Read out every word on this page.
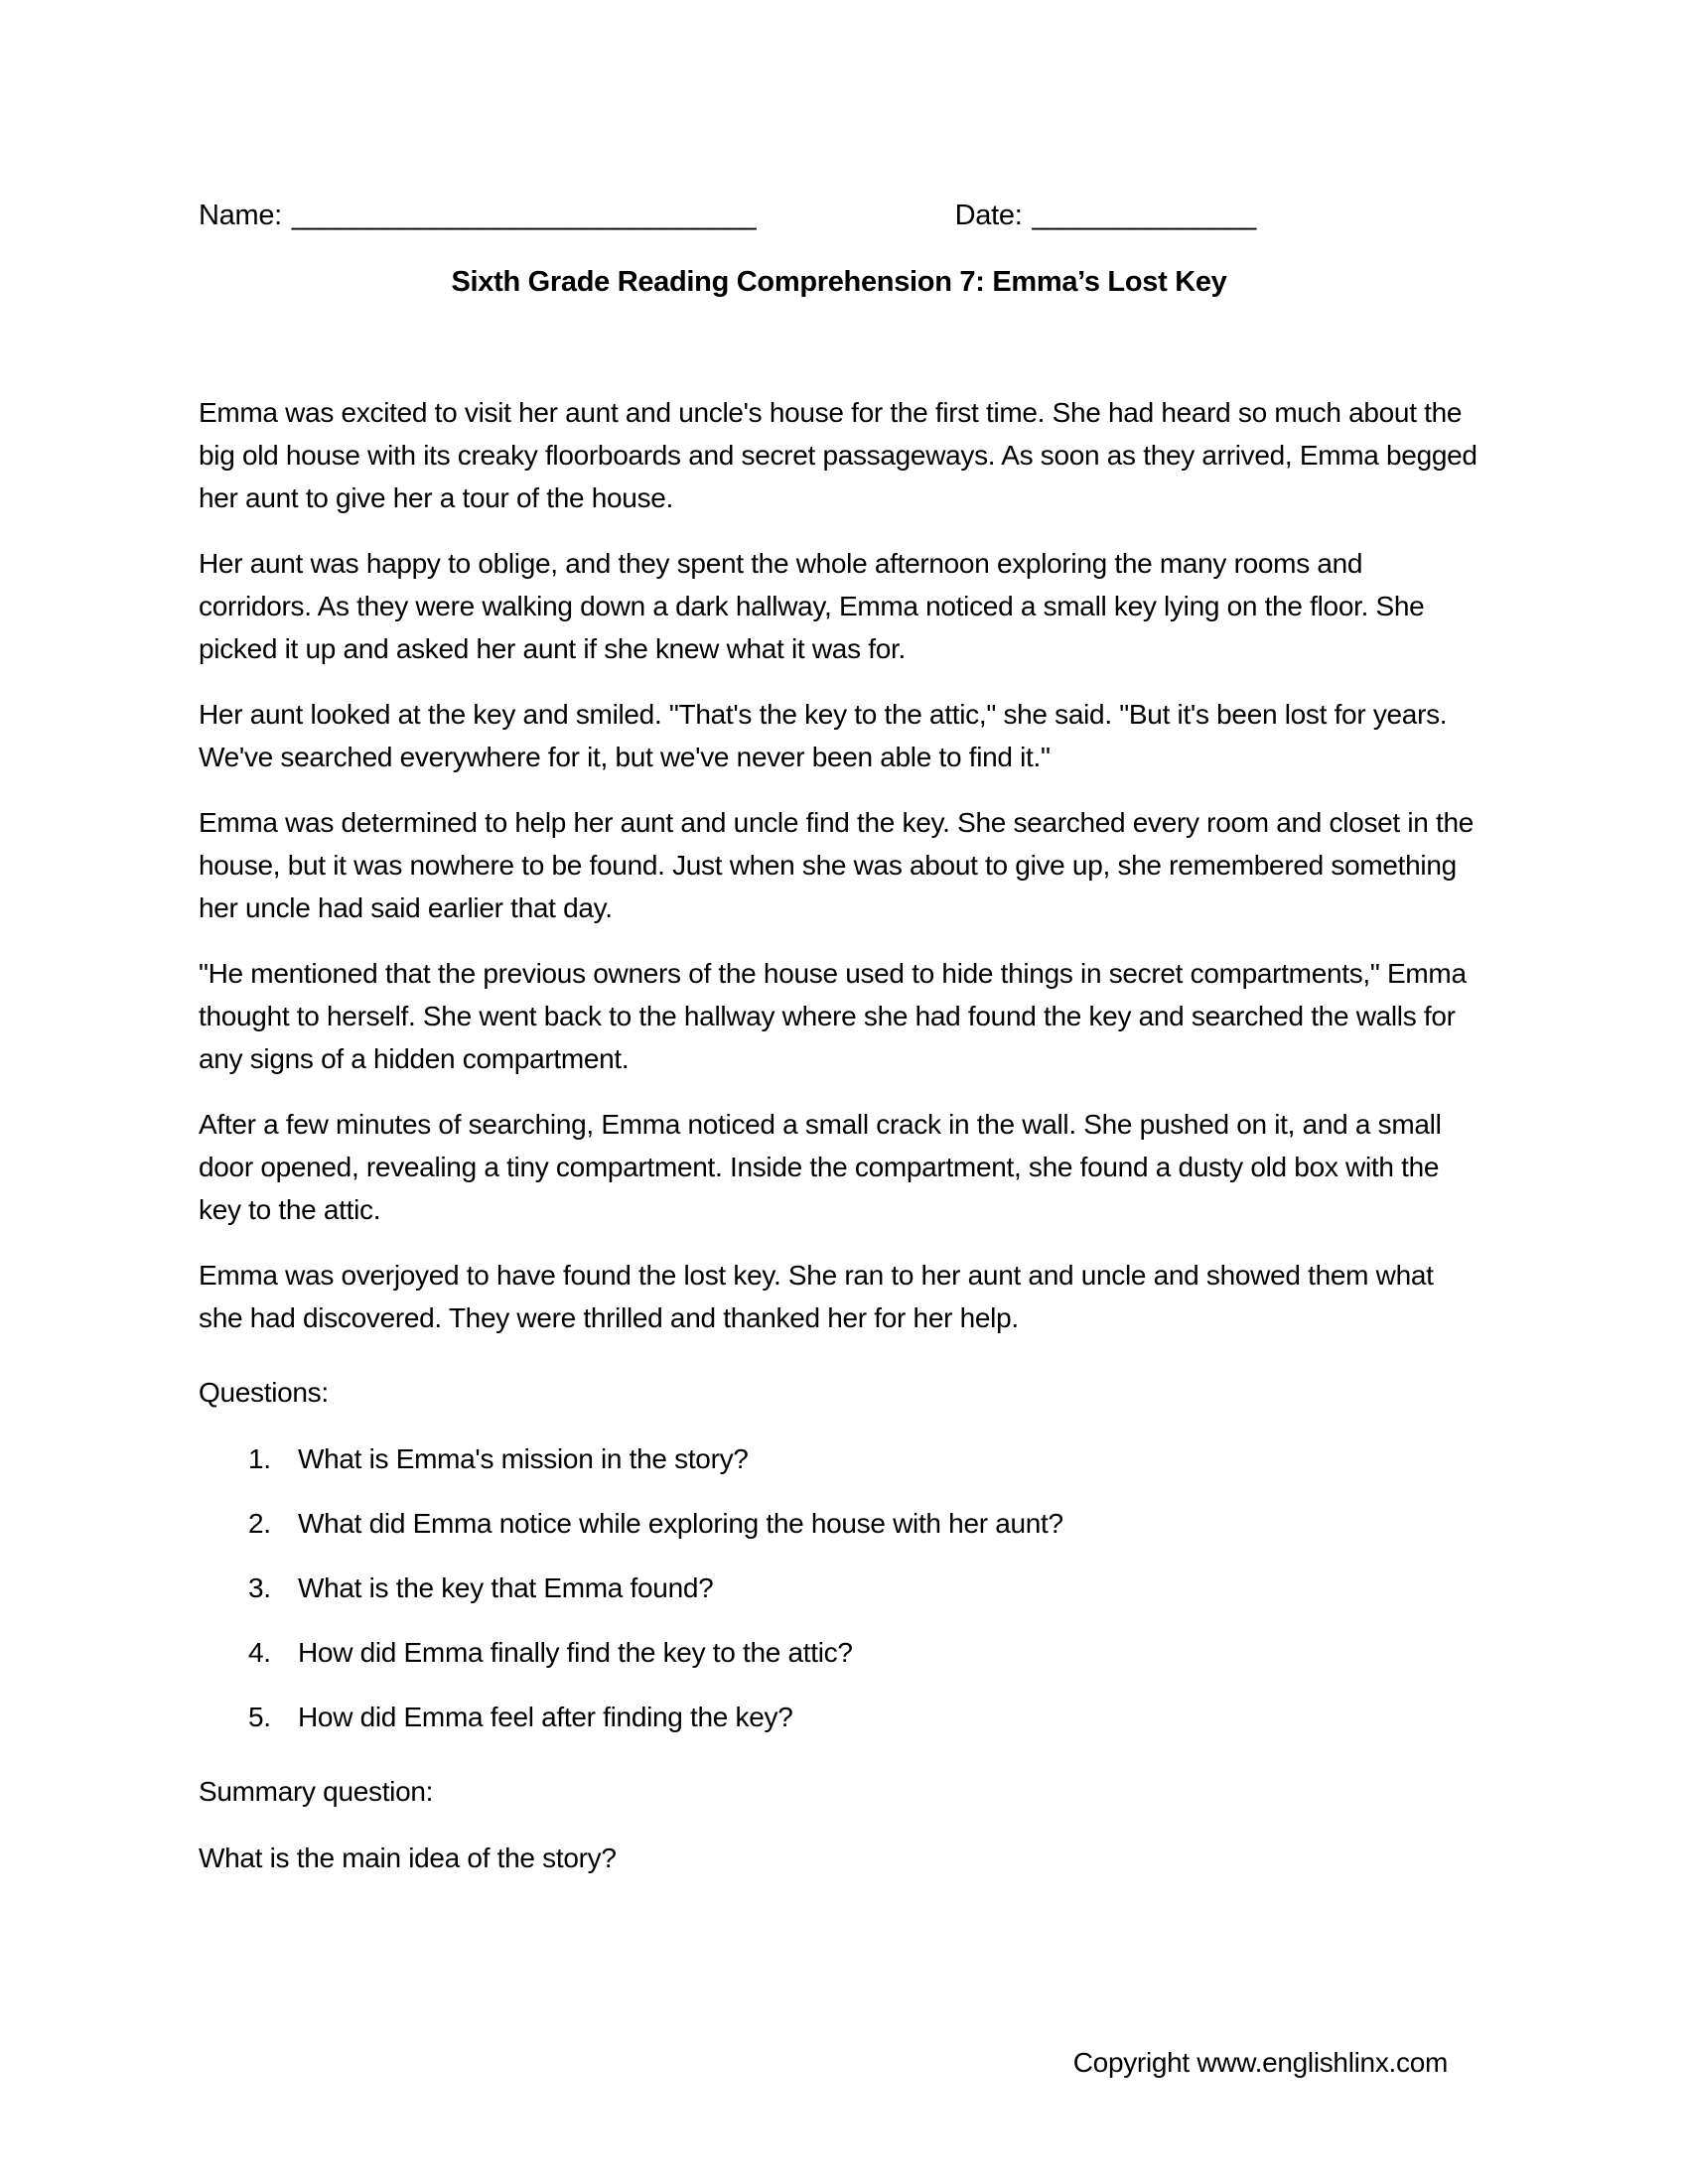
Name: _____________________________	Date: ______________
Sixth Grade Reading Comprehension 7: Emma’s Lost Key

Emma was excited to visit her aunt and uncle's house for the first time. She had heard so much about the big old house with its creaky floorboards and secret passageways. As soon as they arrived, Emma begged her aunt to give her a tour of the house.

Her aunt was happy to oblige, and they spent the whole afternoon exploring the many rooms and corridors. As they were walking down a dark hallway, Emma noticed a small key lying on the floor. She picked it up and asked her aunt if she knew what it was for.

Her aunt looked at the key and smiled. "That's the key to the attic," she said. "But it's been lost for years. We've searched everywhere for it, but we've never been able to find it."

Emma was determined to help her aunt and uncle find the key. She searched every room and closet in the house, but it was nowhere to be found. Just when she was about to give up, she remembered something her uncle had said earlier that day.

"He mentioned that the previous owners of the house used to hide things in secret compartments," Emma thought to herself. She went back to the hallway where she had found the key and searched the walls for any signs of a hidden compartment.

After a few minutes of searching, Emma noticed a small crack in the wall. She pushed on it, and a small door opened, revealing a tiny compartment. Inside the compartment, she found a dusty old box with the key to the attic.

Emma was overjoyed to have found the lost key. She ran to her aunt and uncle and showed them what she had discovered. They were thrilled and thanked her for her help.

Questions:
1. What is Emma's mission in the story?
2. What did Emma notice while exploring the house with her aunt?
3. What is the key that Emma found?
4. How did Emma finally find the key to the attic?
5. How did Emma feel after finding the key?
Summary question:

What is the main idea of the story?

Copyright www.englishlinx.com
